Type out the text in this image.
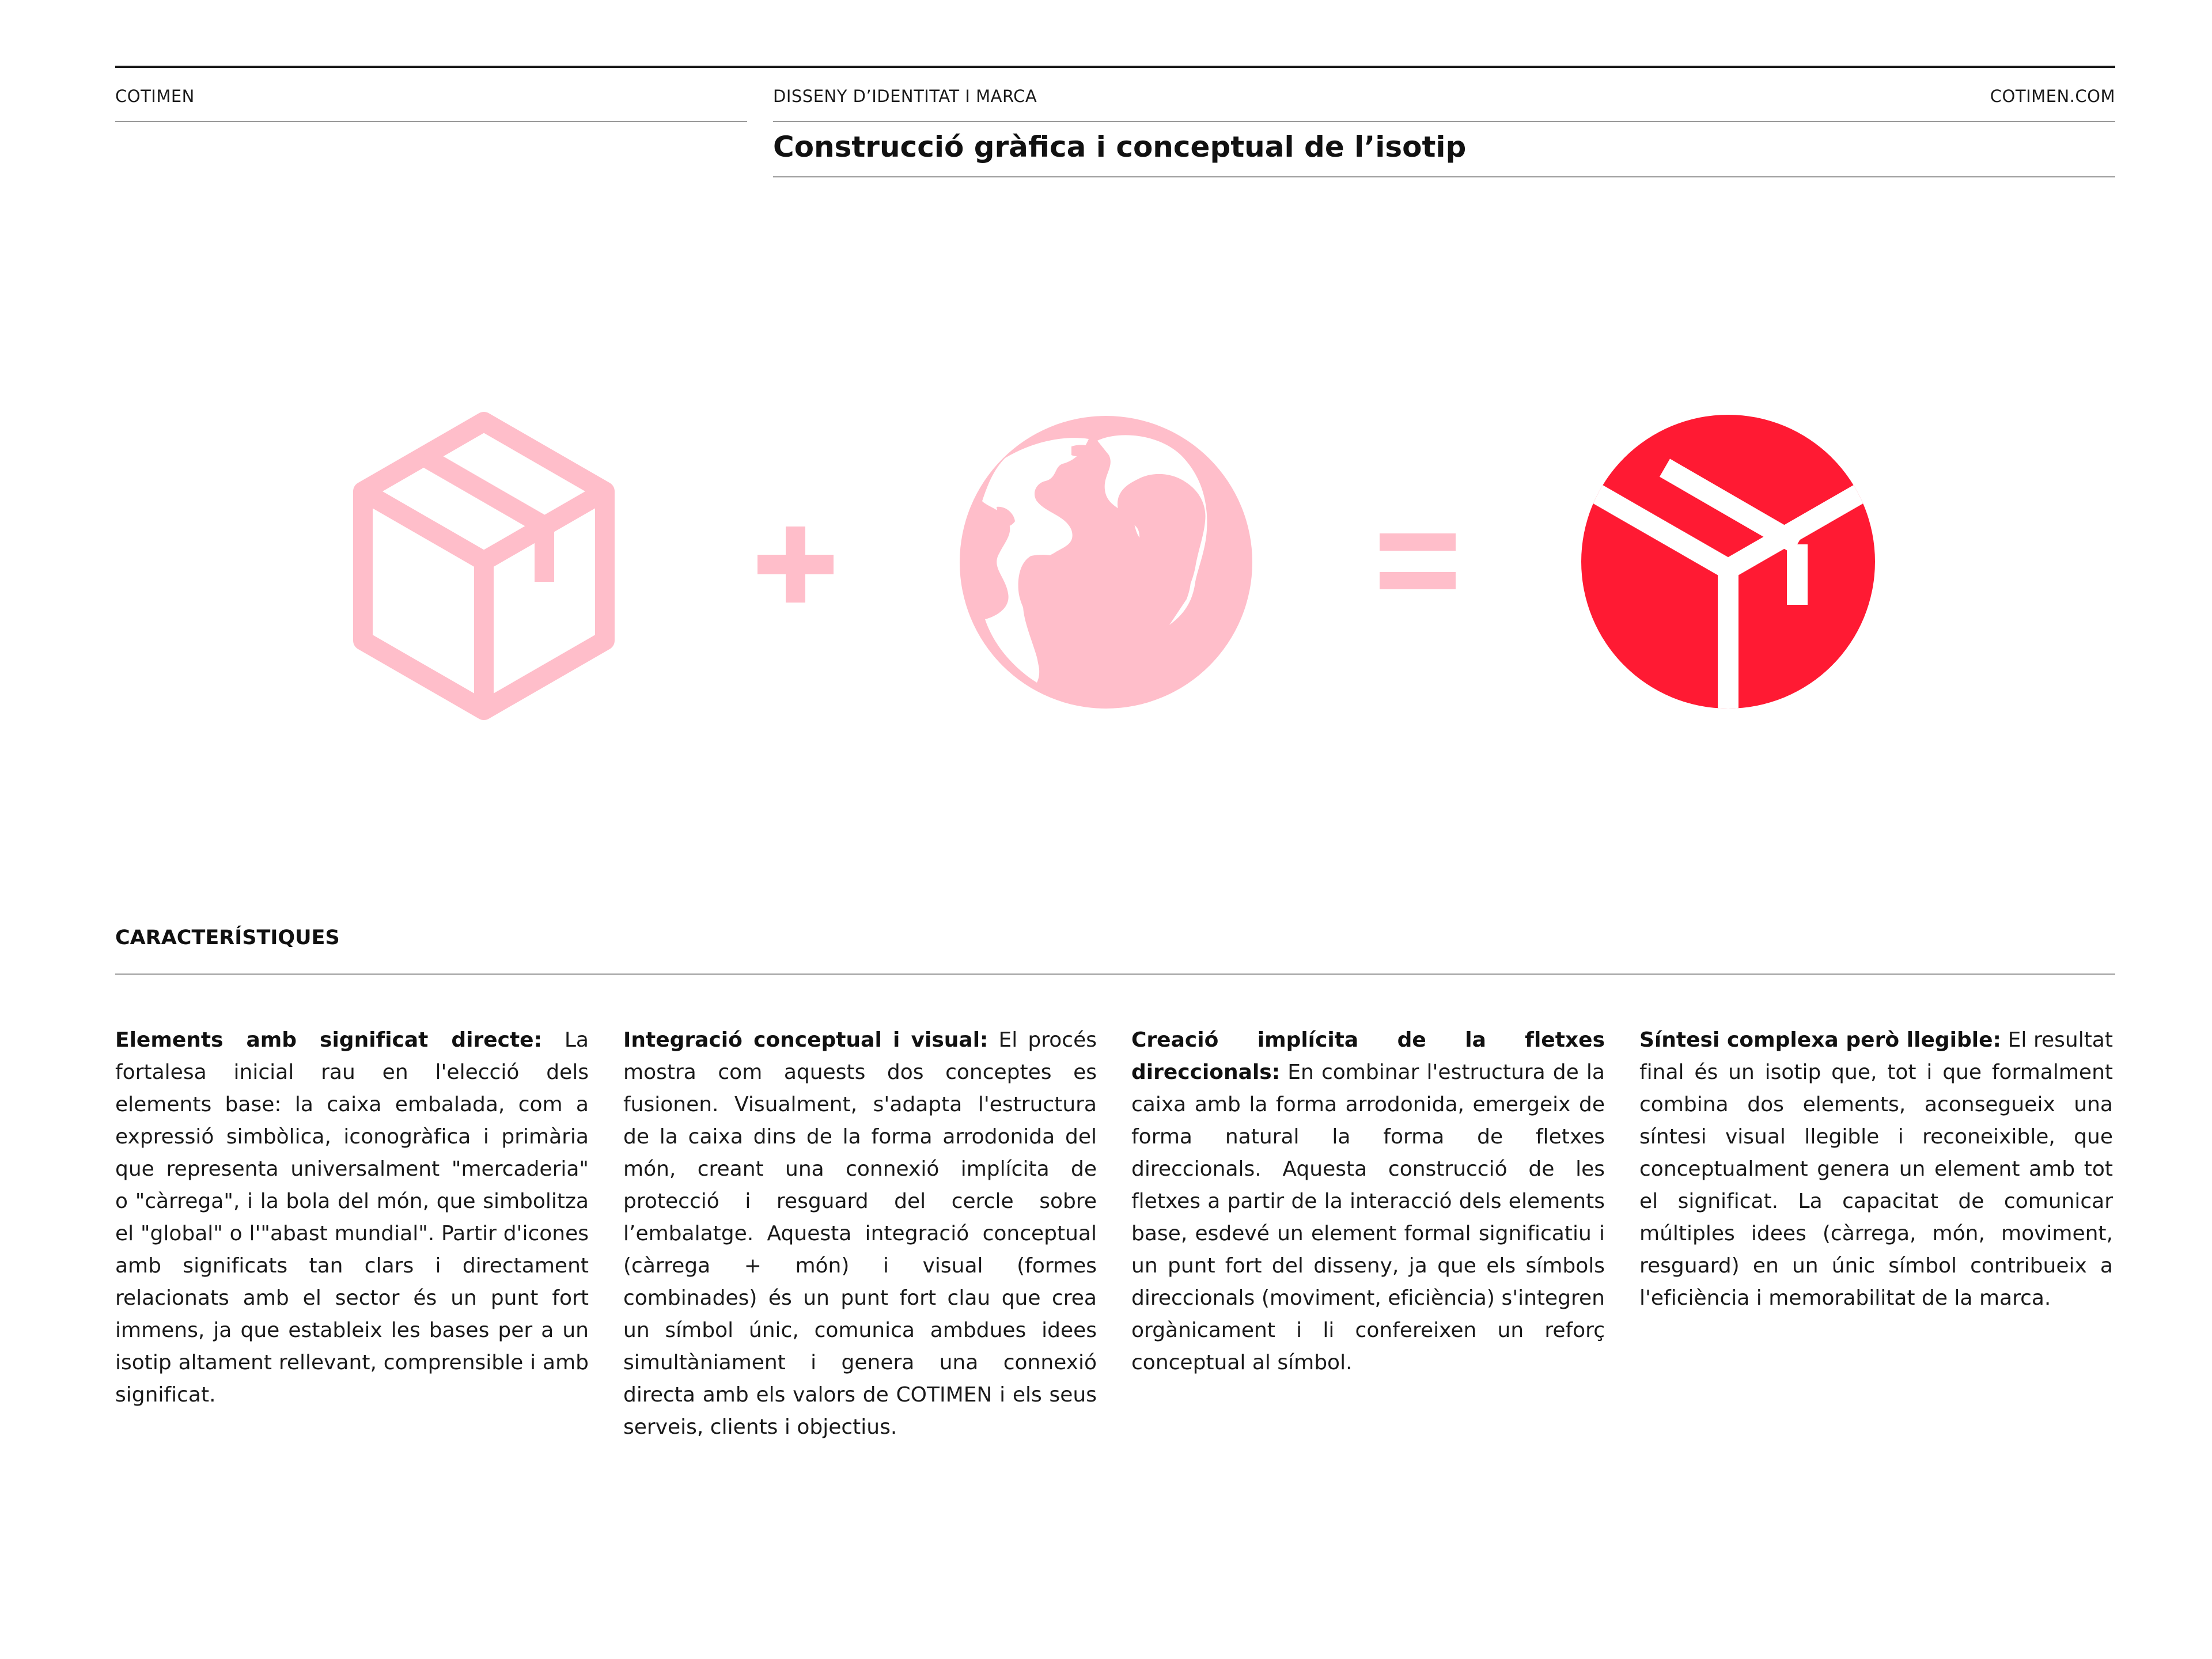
COTIMEN	DISSENY D’IDENTITAT I MARCA	COTIMEN.COM
Construcció gràfica i conceptual de l’isotip
CARACTERÍSTIQUES
Elements amb significat directe: La fortalesa inicial rau en l'elecció dels elements base: la caixa embalada, com a expressió simbòlica, iconogràfica i primària que representa universalment "mercaderia" o "càrrega", i la bola del món, que simbolitza el "global" o l'"abast mundial". Partir d'icones amb significats tan clars i directament relacionats amb el sector és un punt fort immens, ja que estableix les bases per a un isotip altament rellevant, comprensible i amb significat.
Integració conceptual i visual: El procés mostra com aquests dos conceptes es fusionen. Visualment, s'adapta l'estructura de la caixa dins de la forma arrodonida del món, creant una connexió implícita de protecció i resguard del cercle sobre l’embalatge. Aquesta integració conceptual (càrrega + món) i visual (formes combinades) és un punt fort clau que crea un símbol únic, comunica ambdues idees simultàniament i genera una connexió directa amb els valors de COTIMEN i els seus serveis, clients i objectius.
Creació implícita de la fletxes direccionals: En combinar l'estructura de la caixa amb la forma arrodonida, emergeix de forma natural la forma de fletxes direccionals. Aquesta construcció de les fletxes a partir de la interacció dels elements base, esdevé un element formal significatiu i un punt fort del disseny, ja que els símbols direccionals (moviment, eficiència) s'integren orgànicament i li confereixen un reforç conceptual al símbol.
Síntesi complexa però llegible: El resultat final és un isotip que, tot i que formalment combina dos elements, aconsegueix una síntesi visual llegible i reconeixible, que conceptualment genera un element amb tot el significat. La capacitat de comunicar múltiples idees (càrrega, món, moviment, resguard) en un únic símbol contribueix a l'eficiència i memorabilitat de la marca.
